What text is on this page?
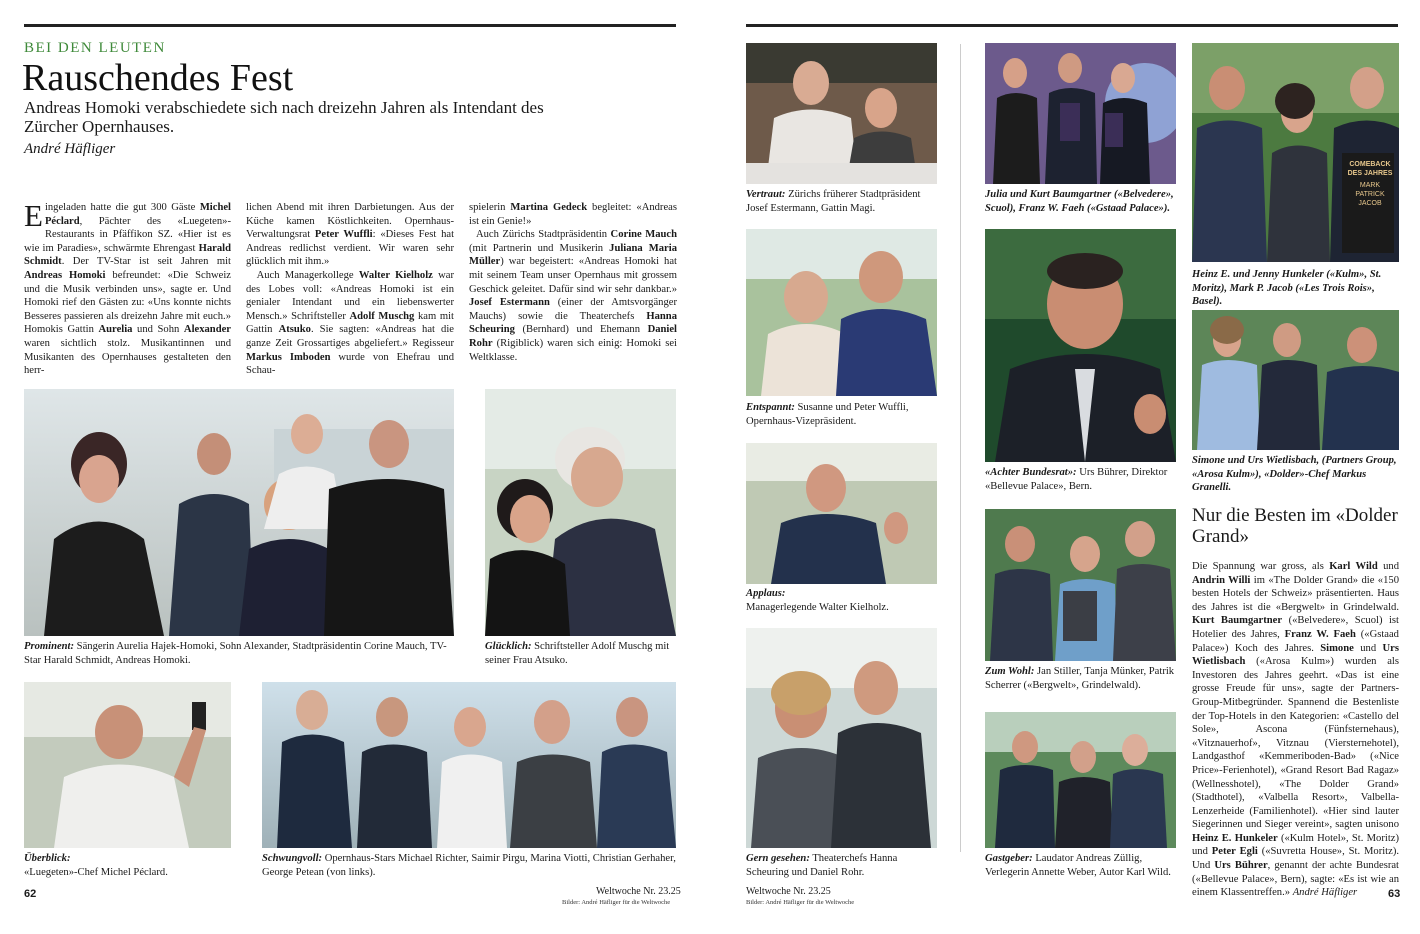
BEI DEN LEUTEN
Rauschendes Fest
Andreas Homoki verabschiedete sich nach dreizehn Jahren als Intendant des Zürcher Opernhauses.
André Häfliger
Eingeladen hatte die gut 300 Gäste Michel Péclard, Pächter des «Luegeten»-Restaurants in Pfäffikon SZ. «Hier ist es wie im Paradies», schwärmte Ehrengast Harald Schmidt. Der TV-Star ist seit Jahren mit Andreas Homoki befreundet: «Die Schweiz und die Musik verbinden uns», sagte er. Und Homoki rief den Gästen zu: «Uns konnte nichts Besseres passieren als dreizehn Jahre mit euch.» Homokis Gattin Aurelia und Sohn Alexander waren sichtlich stolz. Musikantinnen und Musikanten des Opernhauses gestalteten den herr-
lichen Abend mit ihren Darbietungen. Aus der Küche kamen Köstlichkeiten. Opernhaus-Verwaltungsrat Peter Wuffli: «Dieses Fest hat Andreas redlichst verdient. Wir waren sehr glücklich mit ihm.»
Auch Managerkollege Walter Kielholz war des Lobes voll: «Andreas Homoki ist ein genialer Intendant und ein liebenswerter Mensch.» Schriftsteller Adolf Muschg kam mit Gattin Atsuko. Sie sagten: «Andreas hat die ganze Zeit Grossartiges abgeliefert.» Regisseur Markus Imboden wurde von Ehefrau und Schau-
spielerin Martina Gedeck begleitet: «Andreas ist ein Genie!»
Auch Zürichs Stadtpräsidentin Corine Mauch (mit Partnerin und Musikerin Juliana Maria Müller) war begeistert: «Andreas Homoki hat mit seinem Team unser Opernhaus mit grossem Geschick geleitet. Dafür sind wir sehr dankbar.» Josef Estermann (einer der Amtsvorgänger Mauchs) sowie die Theaterchefs Hanna Scheuring (Bernhard) und Ehemann Daniel Rohr (Rigiblick) waren sich einig: Homoki sei Weltklasse.
Prominent: Sängerin Aurelia Hajek-Homoki, Sohn Alexander, Stadtpräsidentin Corine Mauch, TV-Star Harald Schmidt, Andreas Homoki.
Glücklich: Schriftsteller Adolf Muschg mit seiner Frau Atsuko.
Überblick:
«Luegeten»-Chef Michel Péclard.
Schwungvoll: Opernhaus-Stars Michael Richter, Saimir Pirgu, Marina Viotti, Christian Gerhaher, George Petean (von links).
62	Weltwoche Nr. 23.25
Bilder: André Häfliger für die Weltwoche
Vertraut: Zürichs früherer Stadtpräsident Josef Estermann, Gattin Magi.
Entspannt: Susanne und Peter Wuffli, Opernhaus-Vizepräsident.
Applaus:
Managerlegende Walter Kielholz.
Gern gesehen: Theaterchefs Hanna Scheuring und Daniel Rohr.
Weltwoche Nr. 23.25
Bilder: André Häfliger für die Weltwoche
Julia und Kurt Baumgartner («Belvedere», Scuol), Franz W. Faeh («Gstaad Palace»).
«Achter Bundesrat»: Urs Bührer, Direktor «Bellevue Palace», Bern.
Zum Wohl: Jan Stiller, Tanja Münker, Patrik Scherrer («Bergwelt», Grindelwald).
Gastgeber: Laudator Andreas Züllig, Verlegerin Annette Weber, Autor Karl Wild.
COMEBACK
DES JAHRES
MARK PATRICK
JACOB
Heinz E. und Jenny Hunkeler («Kulm», St. Moritz), Mark P. Jacob («Les Trois Rois», Basel).
Simone und Urs Wietlisbach, (Partners Group, «Arosa Kulm»), «Dolder»-Chef Markus Granelli.
Nur die Besten im «Dolder Grand»
Die Spannung war gross, als Karl Wild und Andrin Willi im «The Dolder Grand» die «150 besten Hotels der Schweiz» präsentierten. Haus des Jahres ist die «Bergwelt» in Grindelwald. Kurt Baumgartner («Belvedere», Scuol) ist Hotelier des Jahres, Franz W. Faeh («Gstaad Palace») Koch des Jahres. Simone und Urs Wietlisbach («Arosa Kulm») wurden als Investoren des Jahres geehrt. «Das ist eine grosse Freude für uns», sagte der Partners-Group-Mitbegründer. Spannend die Bestenliste der Top-Hotels in den Kategorien: «Castello del Sole», Ascona (Fünfsternehaus), «Vitznauerhof», Vitznau (Viersternehotel), Landgasthof «Kemmeriboden-Bad» («Nice Price»-Ferienhotel), «Grand Resort Bad Ragaz» (Wellnesshotel), «The Dolder Grand» (Stadthotel), «Valbella Resort», Valbella-Lenzerheide (Familienhotel). «Hier sind lauter Siegerinnen und Sieger vereint», sagten unisono Heinz E. Hunkeler («Kulm Hotel», St. Moritz) und Peter Egli («Suvretta House», St. Moritz). Und Urs Bührer, genannt der achte Bundesrat («Bellevue Palace», Bern), sagte: «Es ist wie an einem Klassentreffen.» André Häfliger	63
